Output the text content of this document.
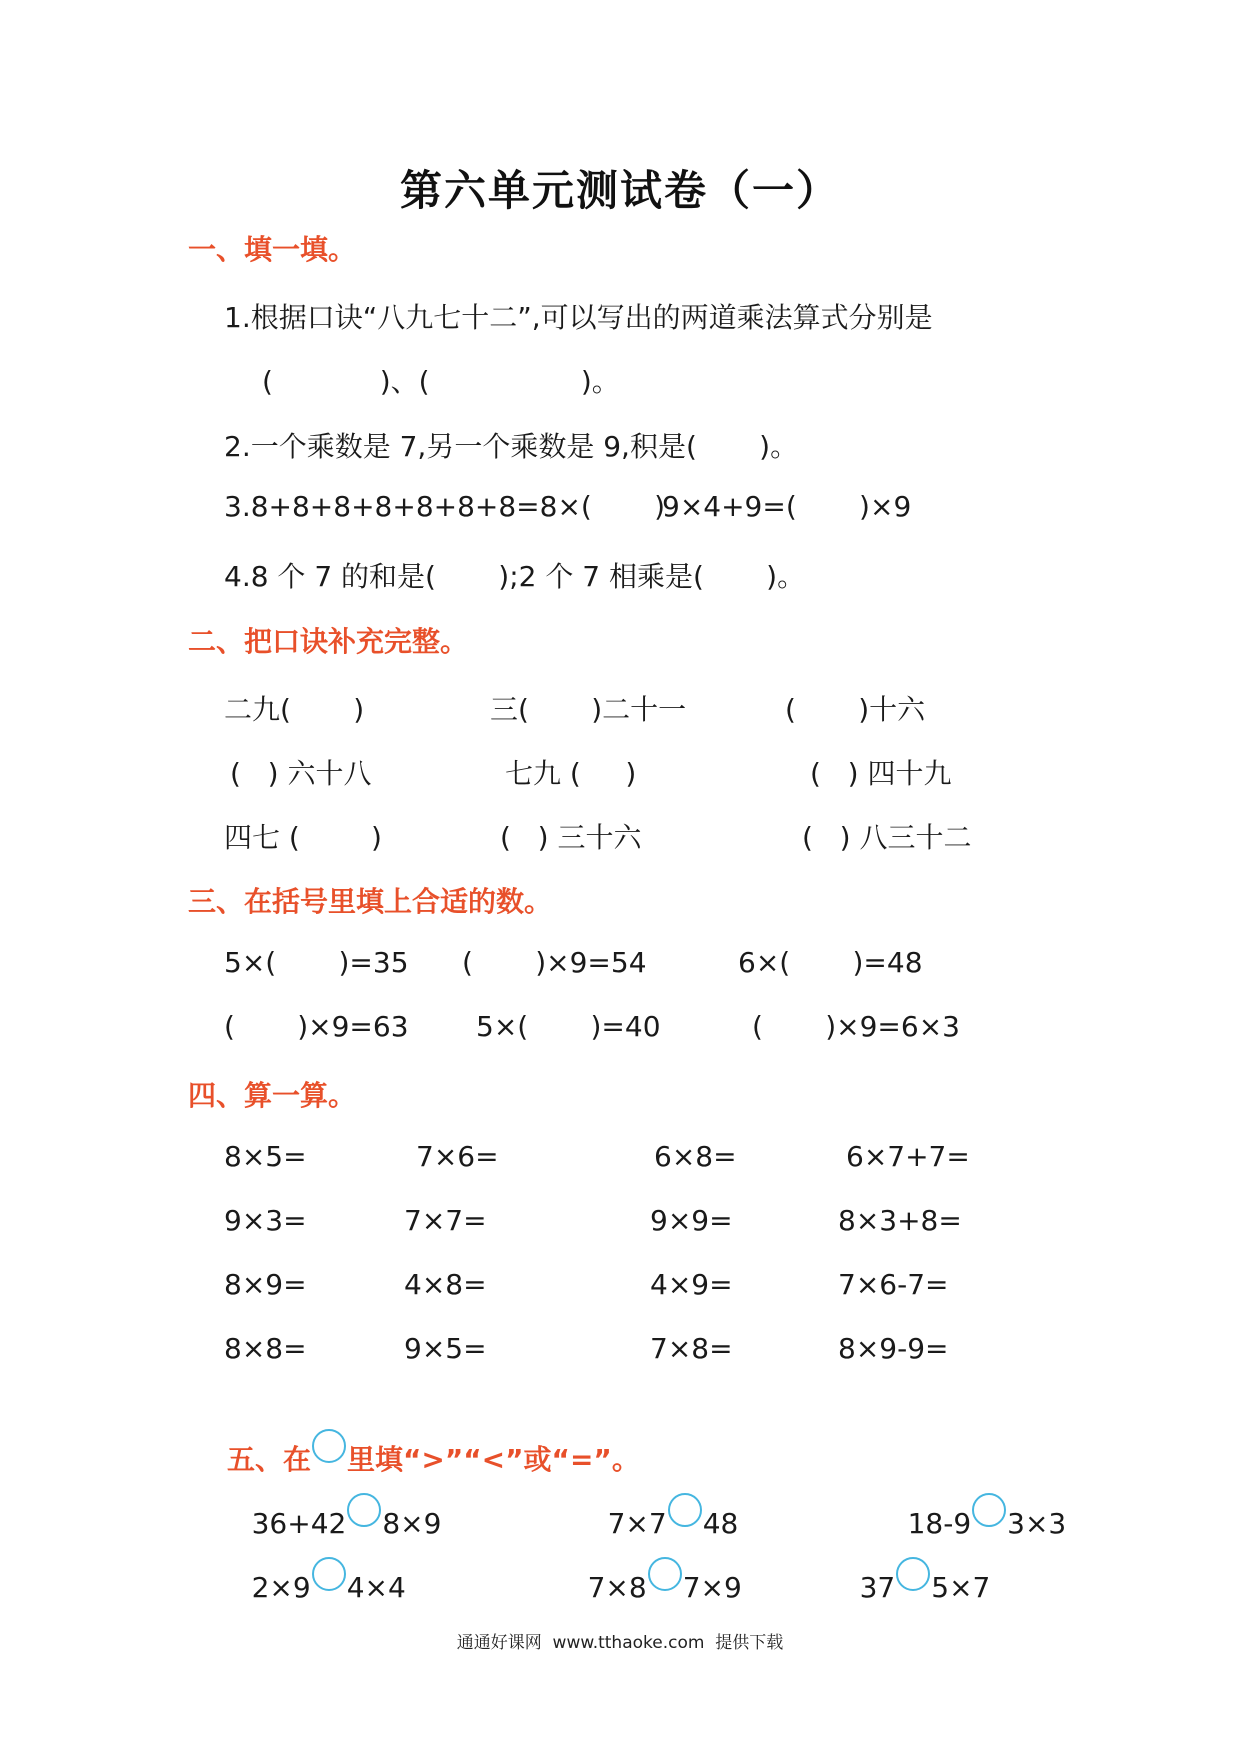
第六单元测试卷（一）
一、填一填。
1.根据口诀“八九七十二”,可以写出的两道乘法算式分别是
(            )、(                 )。
2.一个乘数是 7,另一个乘数是 9,积是(       )。
3.8+8+8+8+8+8+8=8×(       )
9×4+9=(       )×9
4.8 个 7 的和是(       );2 个 7 相乘是(       )。
二、把口诀补充完整。
二九(       )	三(       )二十一	(       )十六
(   ) 六十八	七九 (     )	(   ) 四十九
四七 (        )	(   ) 三十六	(   ) 八三十二
三、在括号里填上合适的数。
5×(       )=35 (       )×9=54	6×(       )=48
(       )×9=63 5×(       )=40	(       )×9=6×3
四、算一算。
8×5=	7×6=	6×8=	6×7+7=
9×3=	7×7=	9×9=	8×3+8=
8×9=	4×8=	4×9=	7×6-7=
8×8=	9×5=	7×8=	8×9-9=

五、在 里填“>”“<”或“=”。

36+42 8×9
	7×7 48
	18-9 3×3

2×9 4×4
	7×8 7×9
	37 5×7

通通好课网  www.tthaoke.com  提供下载
